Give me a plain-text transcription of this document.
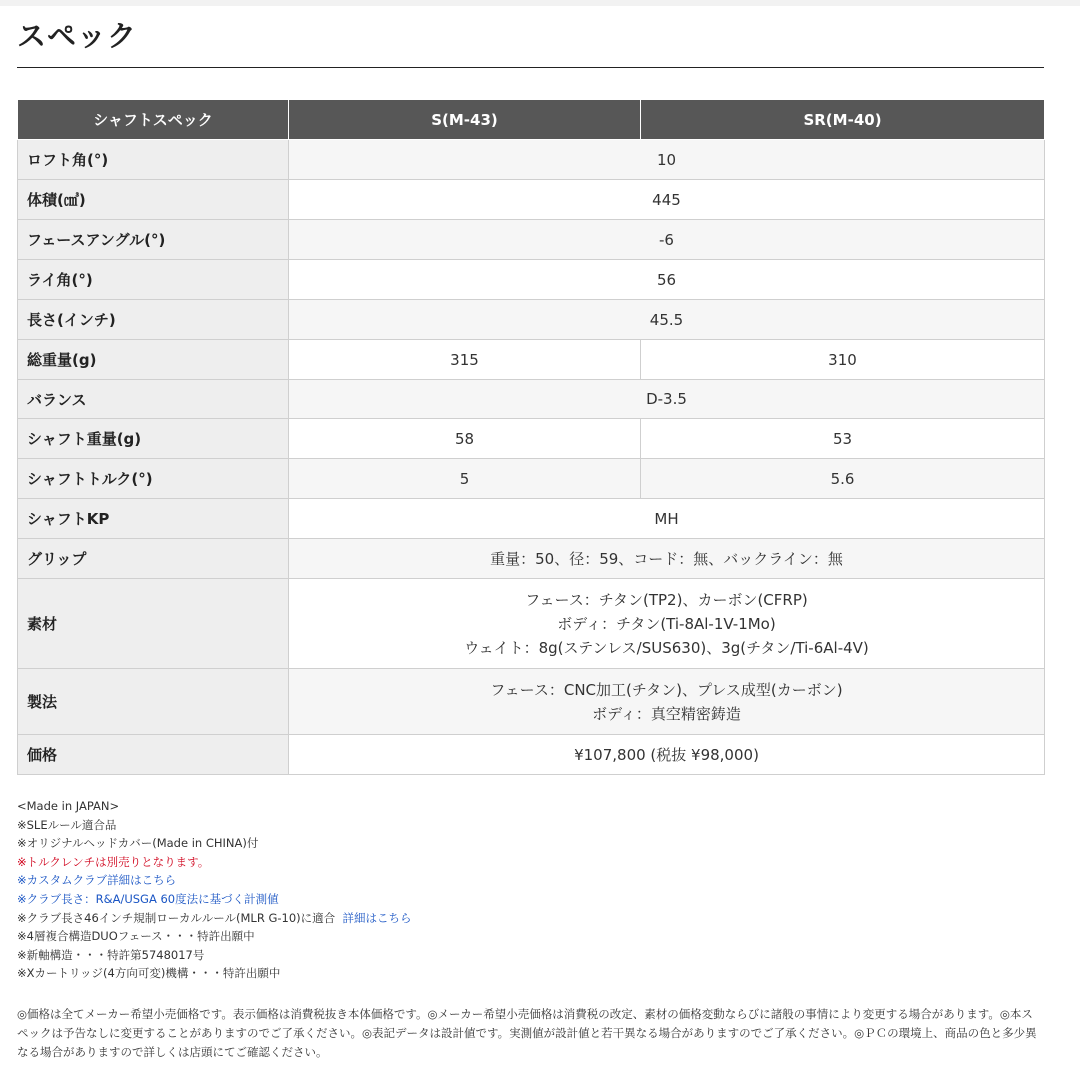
スペック
シャフトスペック	S(M-43)	SR(M-40)
ロフト角(°)	10	
体積(㎤)	445	
フェースアングル(°)	-6	
ライ角(°)	56	
長さ(インチ)	45.5	
総重量(g)	315	310
バランス	D-3.5	
シャフト重量(g)	58	53
シャフトトルク(°)	5	5.6
シャフトKP	MH	
グリップ	重量：50、径：59、コード：無、バックライン：無	
素材	フェース：チタン(TP2)、カーボン(CFRP)
ボディ：チタン(Ti-8Al-1V-1Mo)
ウェイト：8g(ステンレス/SUS630)、3g(チタン/Ti-6Al-4V)	

製法	フェース：CNC加工(チタン)、プレス成型(カーボン)
ボディ：真空精密鋳造	

価格	¥107,800 (税抜 ¥98,000)	
<Made in JAPAN>
※SLEルール適合品
※オリジナルヘッドカバー(Made in CHINA)付
※トルクレンチは別売りとなります。
※カスタムクラブ詳細はこちら
※クラブ長さ：R&A/USGA 60度法に基づく計測値
※クラブ長さ46インチ規制ローカルルール(MLR G-10)に適合 詳細はこちら
※4層複合構造DUOフェース・・・特許出願中
※新軸構造・・・特許第5748017号
※Xカートリッジ(4方向可変)機構・・・特許出願中
◎価格は全てメーカー希望小売価格です。表示価格は消費税抜き本体価格です。◎メーカー希望小売価格は消費税の改定、素材の価格変動ならびに諸般の事情により変更する場合があります。◎本スペックは予告なしに変更することがありますのでご了承ください。◎表記データは設計値です。実測値が設計値と若干異なる場合がありますのでご了承ください。◎ＰＣの環境上、商品の色と多少異なる場合がありますので詳しくは店頭にてご確認ください。
